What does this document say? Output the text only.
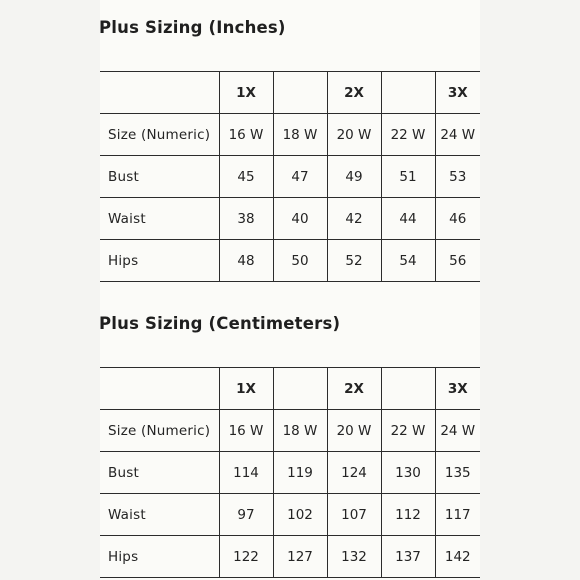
Plus Sizing (Inches)
	1X		2X		3X
Size (Numeric)	16 W	18 W	20 W	22 W	24 W
Bust	45	47	49	51	53
Waist	38	40	42	44	46
Hips	48	50	52	54	56
Plus Sizing (Centimeters)
	1X		2X		3X
Size (Numeric)	16 W	18 W	20 W	22 W	24 W
Bust	114	119	124	130	135
Waist	97	102	107	112	117
Hips	122	127	132	137	142
